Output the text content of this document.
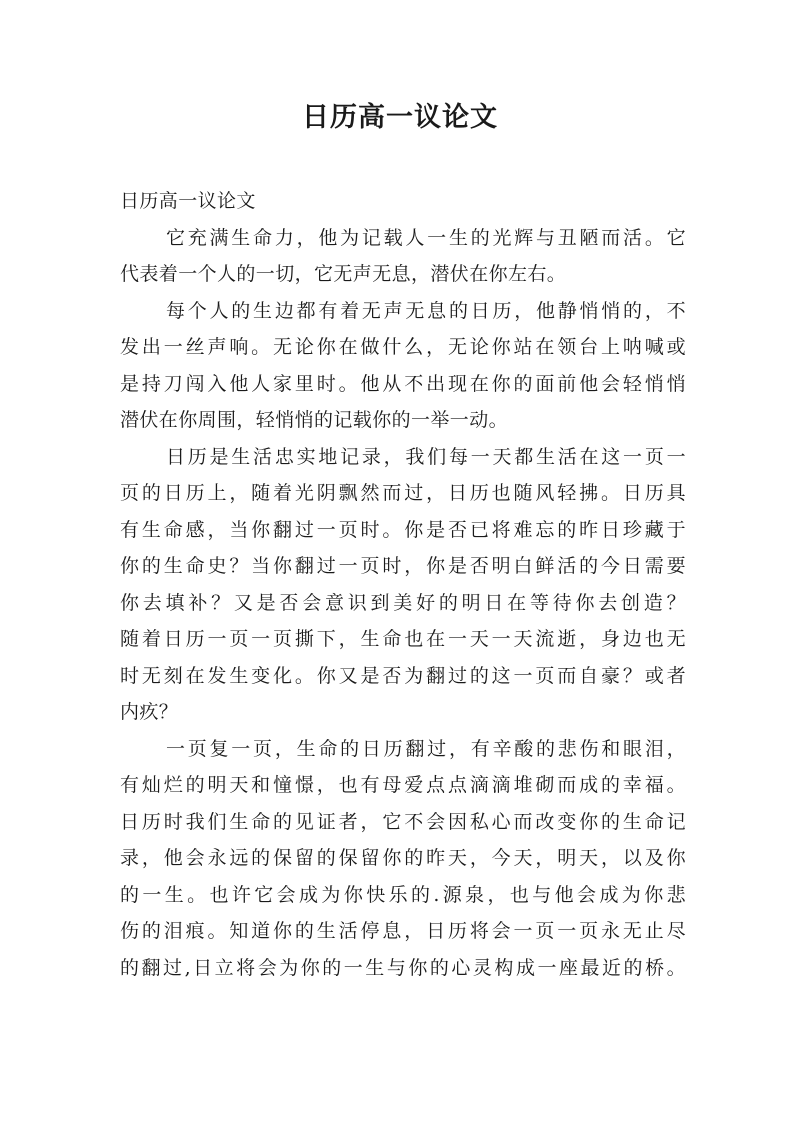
日历高一议论文
日历高一议论文
它充满生命力，他为记载人一生的光辉与丑陋而活。它
代表着一个人的一切，它无声无息，潜伏在你左右。
每个人的生边都有着无声无息的日历，他静悄悄的，不
发出一丝声响。无论你在做什么，无论你站在领台上呐喊或
是持刀闯入他人家里时。他从不出现在你的面前他会轻悄悄
潜伏在你周围，轻悄悄的记载你的一举一动。
日历是生活忠实地记录，我们每一天都生活在这一页一
页的日历上，随着光阴飘然而过，日历也随风轻拂。日历具
有生命感，当你翻过一页时。你是否已将难忘的昨日珍藏于
你的生命史？当你翻过一页时，你是否明白鲜活的今日需要
你去填补？又是否会意识到美好的明日在等待你去创造？
随着日历一页一页撕下，生命也在一天一天流逝，身边也无
时无刻在发生变化。你又是否为翻过的这一页而自豪？或者
内疚？
一页复一页，生命的日历翻过，有辛酸的悲伤和眼泪，
有灿烂的明天和憧憬，也有母爱点点滴滴堆砌而成的幸福。
日历时我们生命的见证者，它不会因私心而改变你的生命记
录，他会永远的保留的保留你的昨天，今天，明天，以及你
的一生。也许它会成为你快乐的.源泉，也与他会成为你悲
伤的泪痕。知道你的生活停息，日历将会一页一页永无止尽
的翻过,日立将会为你的一生与你的心灵构成一座最近的桥。
